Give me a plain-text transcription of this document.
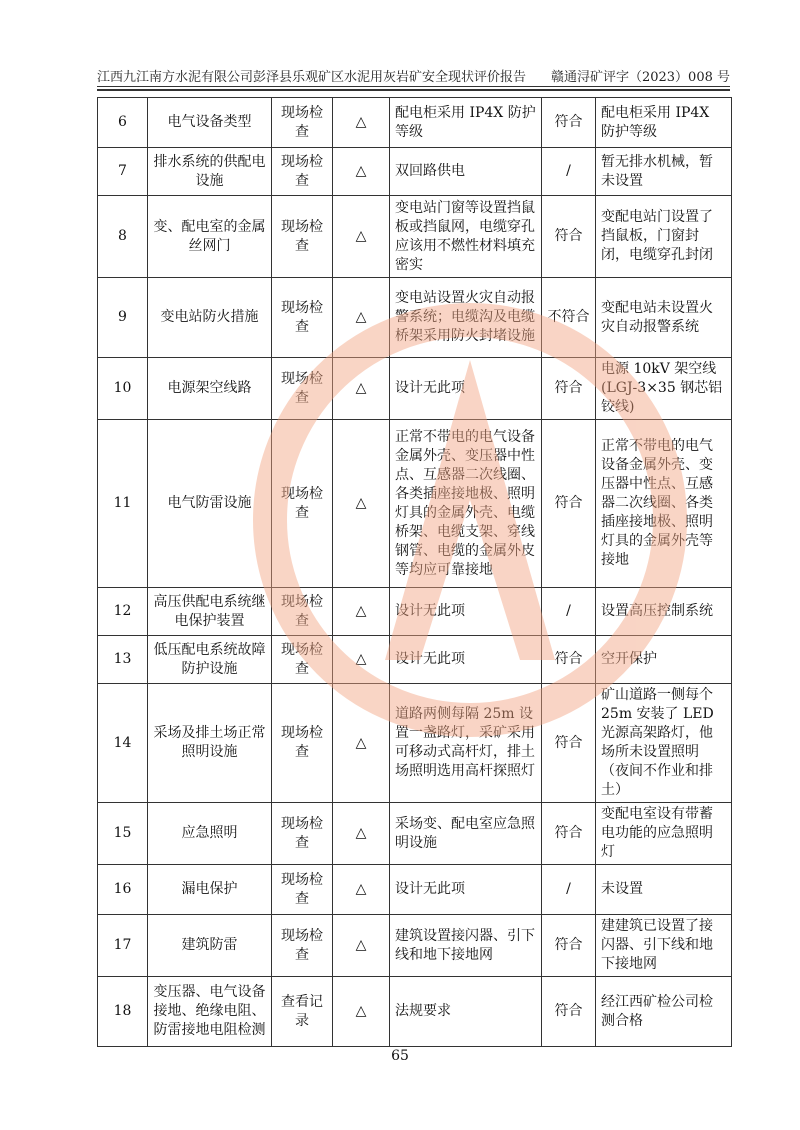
江西九江南方水泥有限公司彭泽县乐观矿区水泥用灰岩矿安全现状评价报告 赣通浔矿评字（2023）008 号
6	电气设备类型	现场检查	△	配电柜采用 IP4X 防护等级	符合	配电柜采用 IP4X 防护等级
7	排水系统的供配电设施	现场检查	△	双回路供电	/	暂无排水机械，暂未设置
8	变、配电室的金属丝网门	现场检查	△	变电站门窗等设置挡鼠板或挡鼠网，电缆穿孔应该用不燃性材料填充密实	符合	变配电站门设置了挡鼠板，门窗封闭，电缆穿孔封闭
9	变电站防火措施	现场检查	△	变电站设置火灾自动报警系统；电缆沟及电缆桥架采用防火封堵设施	不符合	变配电站未设置火灾自动报警系统
10	电源架空线路	现场检查	△	设计无此项	符合	电源 10kV 架空线(LGJ-3×35 钢芯铝铰线)
11	电气防雷设施	现场检查	△	正常不带电的电气设备金属外壳、变压器中性点、互感器二次线圈、各类插座接地极、照明灯具的金属外壳、电缆桥架、电缆支架、穿线钢管、电缆的金属外皮等均应可靠接地	符合	正常不带电的电气设备金属外壳、变压器中性点、互感器二次线圈、各类插座接地极、照明灯具的金属外壳等接地
12	高压供配电系统继电保护装置	现场检查	△	设计无此项	/	设置高压控制系统
13	低压配电系统故障防护设施	现场检查	△	设计无此项	符合	空开保护
14	采场及排土场正常照明设施	现场检查	△	道路两侧每隔 25m 设置一盏路灯，采矿采用可移动式高杆灯，排土场照明选用高杆探照灯	符合	矿山道路一侧每个 25m 安装了 LED 光源高架路灯，他场所未设置照明（夜间不作业和排土）
15	应急照明	现场检查	△	采场变、配电室应急照明设施	符合	变配电室设有带蓄电功能的应急照明灯
16	漏电保护	现场检查	△	设计无此项	/	未设置
17	建筑防雷	现场检查	△	建筑设置接闪器、引下线和地下接地网	符合	建建筑已设置了接闪器、引下线和地下接地网
18	变压器、电气设备接地、绝缘电阻、防雷接地电阻检测	查看记录	△	法规要求	符合	经江西矿检公司检测合格
65
